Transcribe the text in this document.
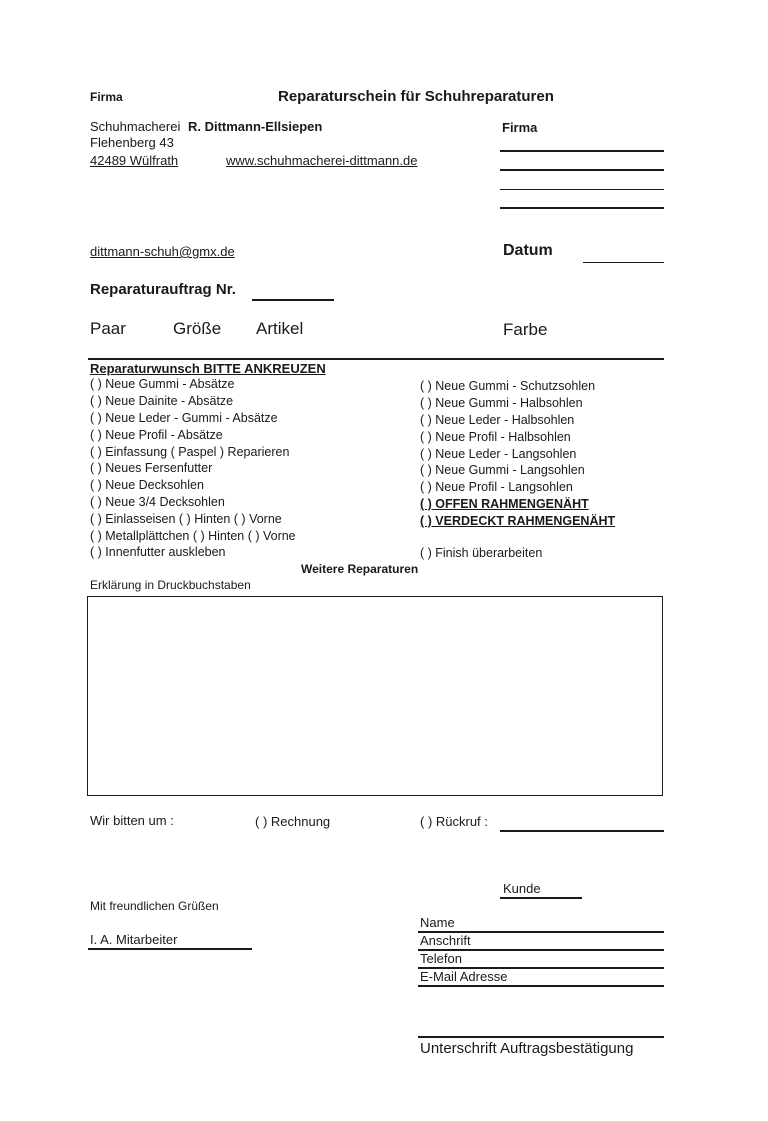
Firma	Reparaturschein für Schuhreparaturen
Schuhmacherei R. Dittmann-Ellsiepen
Flehenberg 43
42489 Wülfrath	www.schuhmacherei-dittmann.de
dittmann-schuh@gmx.de
Firma
Datum
Reparaturauftrag Nr.
Paar	Größe Artikel	Farbe
Reparaturwunsch BITTE ANKREUZEN
( ) Neue Gummi - Absätze
( ) Neue Dainite - Absätze
( ) Neue Leder - Gummi - Absätze
( ) Neue Profil - Absätze
( ) Einfassung ( Paspel ) Reparieren
( ) Neues Fersenfutter
( ) Neue Decksohlen
( ) Neue 3/4 Decksohlen
( ) Einlasseisen ( ) Hinten ( ) Vorne
( ) Metallplättchen ( ) Hinten ( ) Vorne
( ) Innenfutter auskleben
( ) Neue Gummi - Schutzsohlen
( ) Neue Gummi - Halbsohlen
( ) Neue Leder - Halbsohlen
( ) Neue Profil - Halbsohlen
( ) Neue Leder - Langsohlen
( ) Neue Gummi - Langsohlen
( ) Neue Profil - Langsohlen
( ) OFFEN RAHMENGENÄHT
( ) VERDECKT RAHMENGENÄHT
( ) Finish überarbeiten
Weitere Reparaturen
Erklärung in Druckbuchstaben
Wir bitten um :	( ) Rechnung	( ) Rückruf :
Mit freundlichen Grüßen
I. A. Mitarbeiter
Kunde
Name
Anschrift
Telefon
E-Mail Adresse
Unterschrift Auftragsbestätigung
